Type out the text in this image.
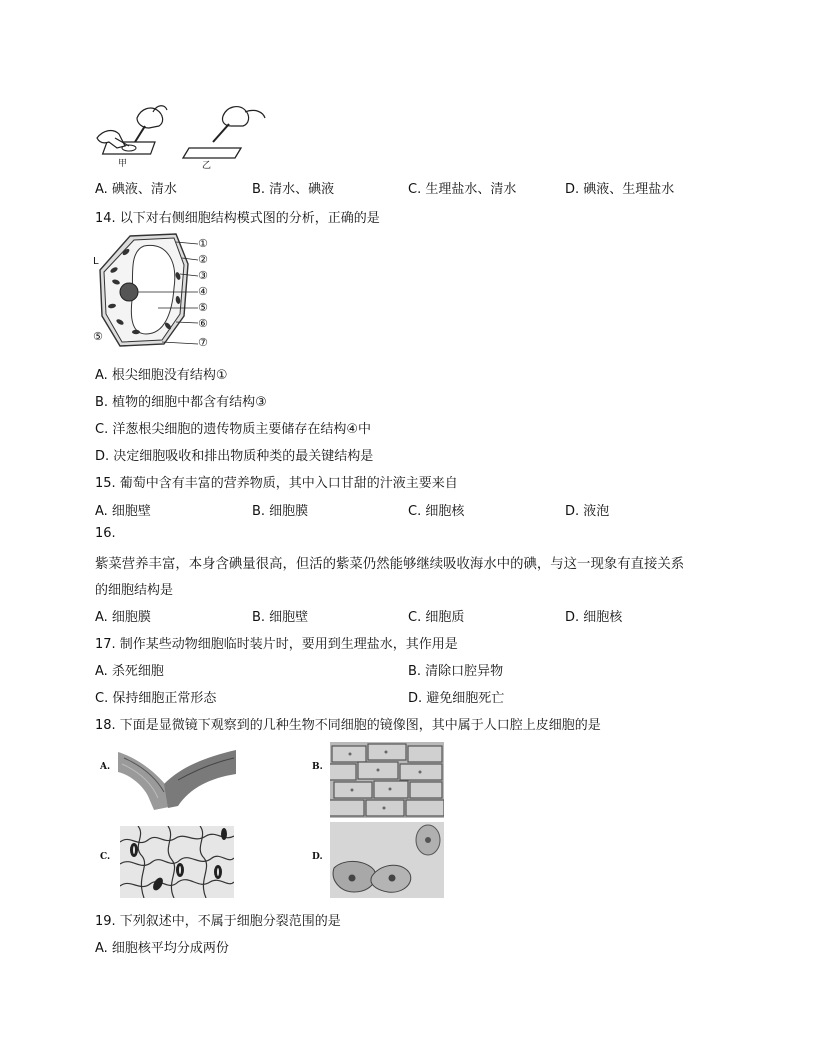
甲	乙
A. 碘液、清水	B. 清水、碘液	C. 生理盐水、清水	D. 碘液、生理盐水
14. 以下对右侧细胞结构模式图的分析，正确的是
①
②
③
④
⑤
⑥
⑦
L
⑤
A. 根尖细胞没有结构①
B. 植物的细胞中都含有结构③
C. 洋葱根尖细胞的遗传物质主要储存在结构④中
D. 决定细胞吸收和排出物质种类的最关键结构是
15. 葡萄中含有丰富的营养物质，其中入口甘甜的汁液主要来自
A. 细胞壁	B. 细胞膜	C. 细胞核	D. 液泡
16.
紫菜营养丰富，本身含碘量很高，但活的紫菜仍然能够继续吸收海水中的碘，与这一现象有直接关系
的细胞结构是
A. 细胞膜	B. 细胞壁	C. 细胞质	D. 细胞核
17. 制作某些动物细胞临时装片时，要用到生理盐水，其作用是
A. 杀死细胞	B. 清除口腔异物
C. 保持细胞正常形态	D. 避免细胞死亡
18. 下面是显微镜下观察到的几种生物不同细胞的镜像图，其中属于人口腔上皮细胞的是
A.	B.
C.	D.
19. 下列叙述中，不属于细胞分裂范围的是
A. 细胞核平均分成两份
